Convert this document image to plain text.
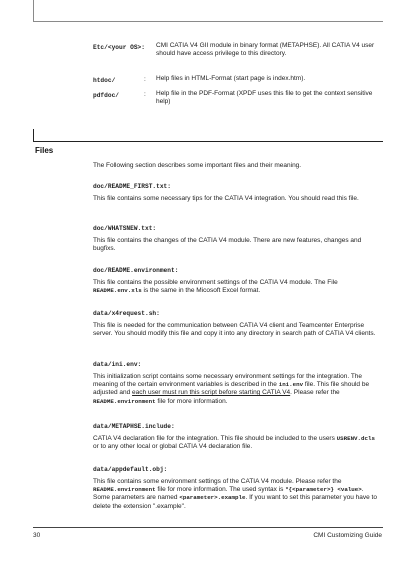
Etc/<your OS>: CMI CATIA V4 GII module in binary format (METAPHSE). All CATIA V4 user should have access privilege to this directory.
htdoc/	: Help files in HTML-Format (start page is index.htm).
pdfdoc/	: Help file in the PDF-Format (XPDF uses this file to get the context sensitive help)
Files
The Following section describes some important files and their meaning.
doc/README_FIRST.txt:
This file contains some necessary tips for the CATIA V4 integration. You should read this file.
doc/WHATSNEW.txt:
This file contains the changes of the CATIA V4 module. There are new features, changes and bugfixs.
doc/README.environment:
This file contains the possible environment settings of the CATIA V4 module. The File README.env.xls is the same in the Micosoft Excel format.
data/x4request.sh:
This file is needed for the communication between CATIA V4 client and Teamcenter Enterprise server. You should modify this file and copy it into any directory in search path of CATIA V4 clients.
data/ini.env:
This initialization script contains some necessary environment settings for the integration. The meaning of the certain environment variables is described in the ini.env file. This file should be adjusted and each user must run this script before starting CATIA V4. Please refer the README.environment file for more information.
data/METAPHSE.include:
CATIA V4 declaration file for the integration. This file should be included to the users USRENV.dcls or to any other local or global CATIA V4 declaration file.
data/appdefault.obj:
This file contains some environment settings of the CATIA V4 module. Please refer the README.environment file for more information. The used syntax is *{<parameter>} <value>. Some parameters are named <parameter>.example. If you want to set this parameter you have to delete the extension ".example".
30	CMI Customizing Guide
